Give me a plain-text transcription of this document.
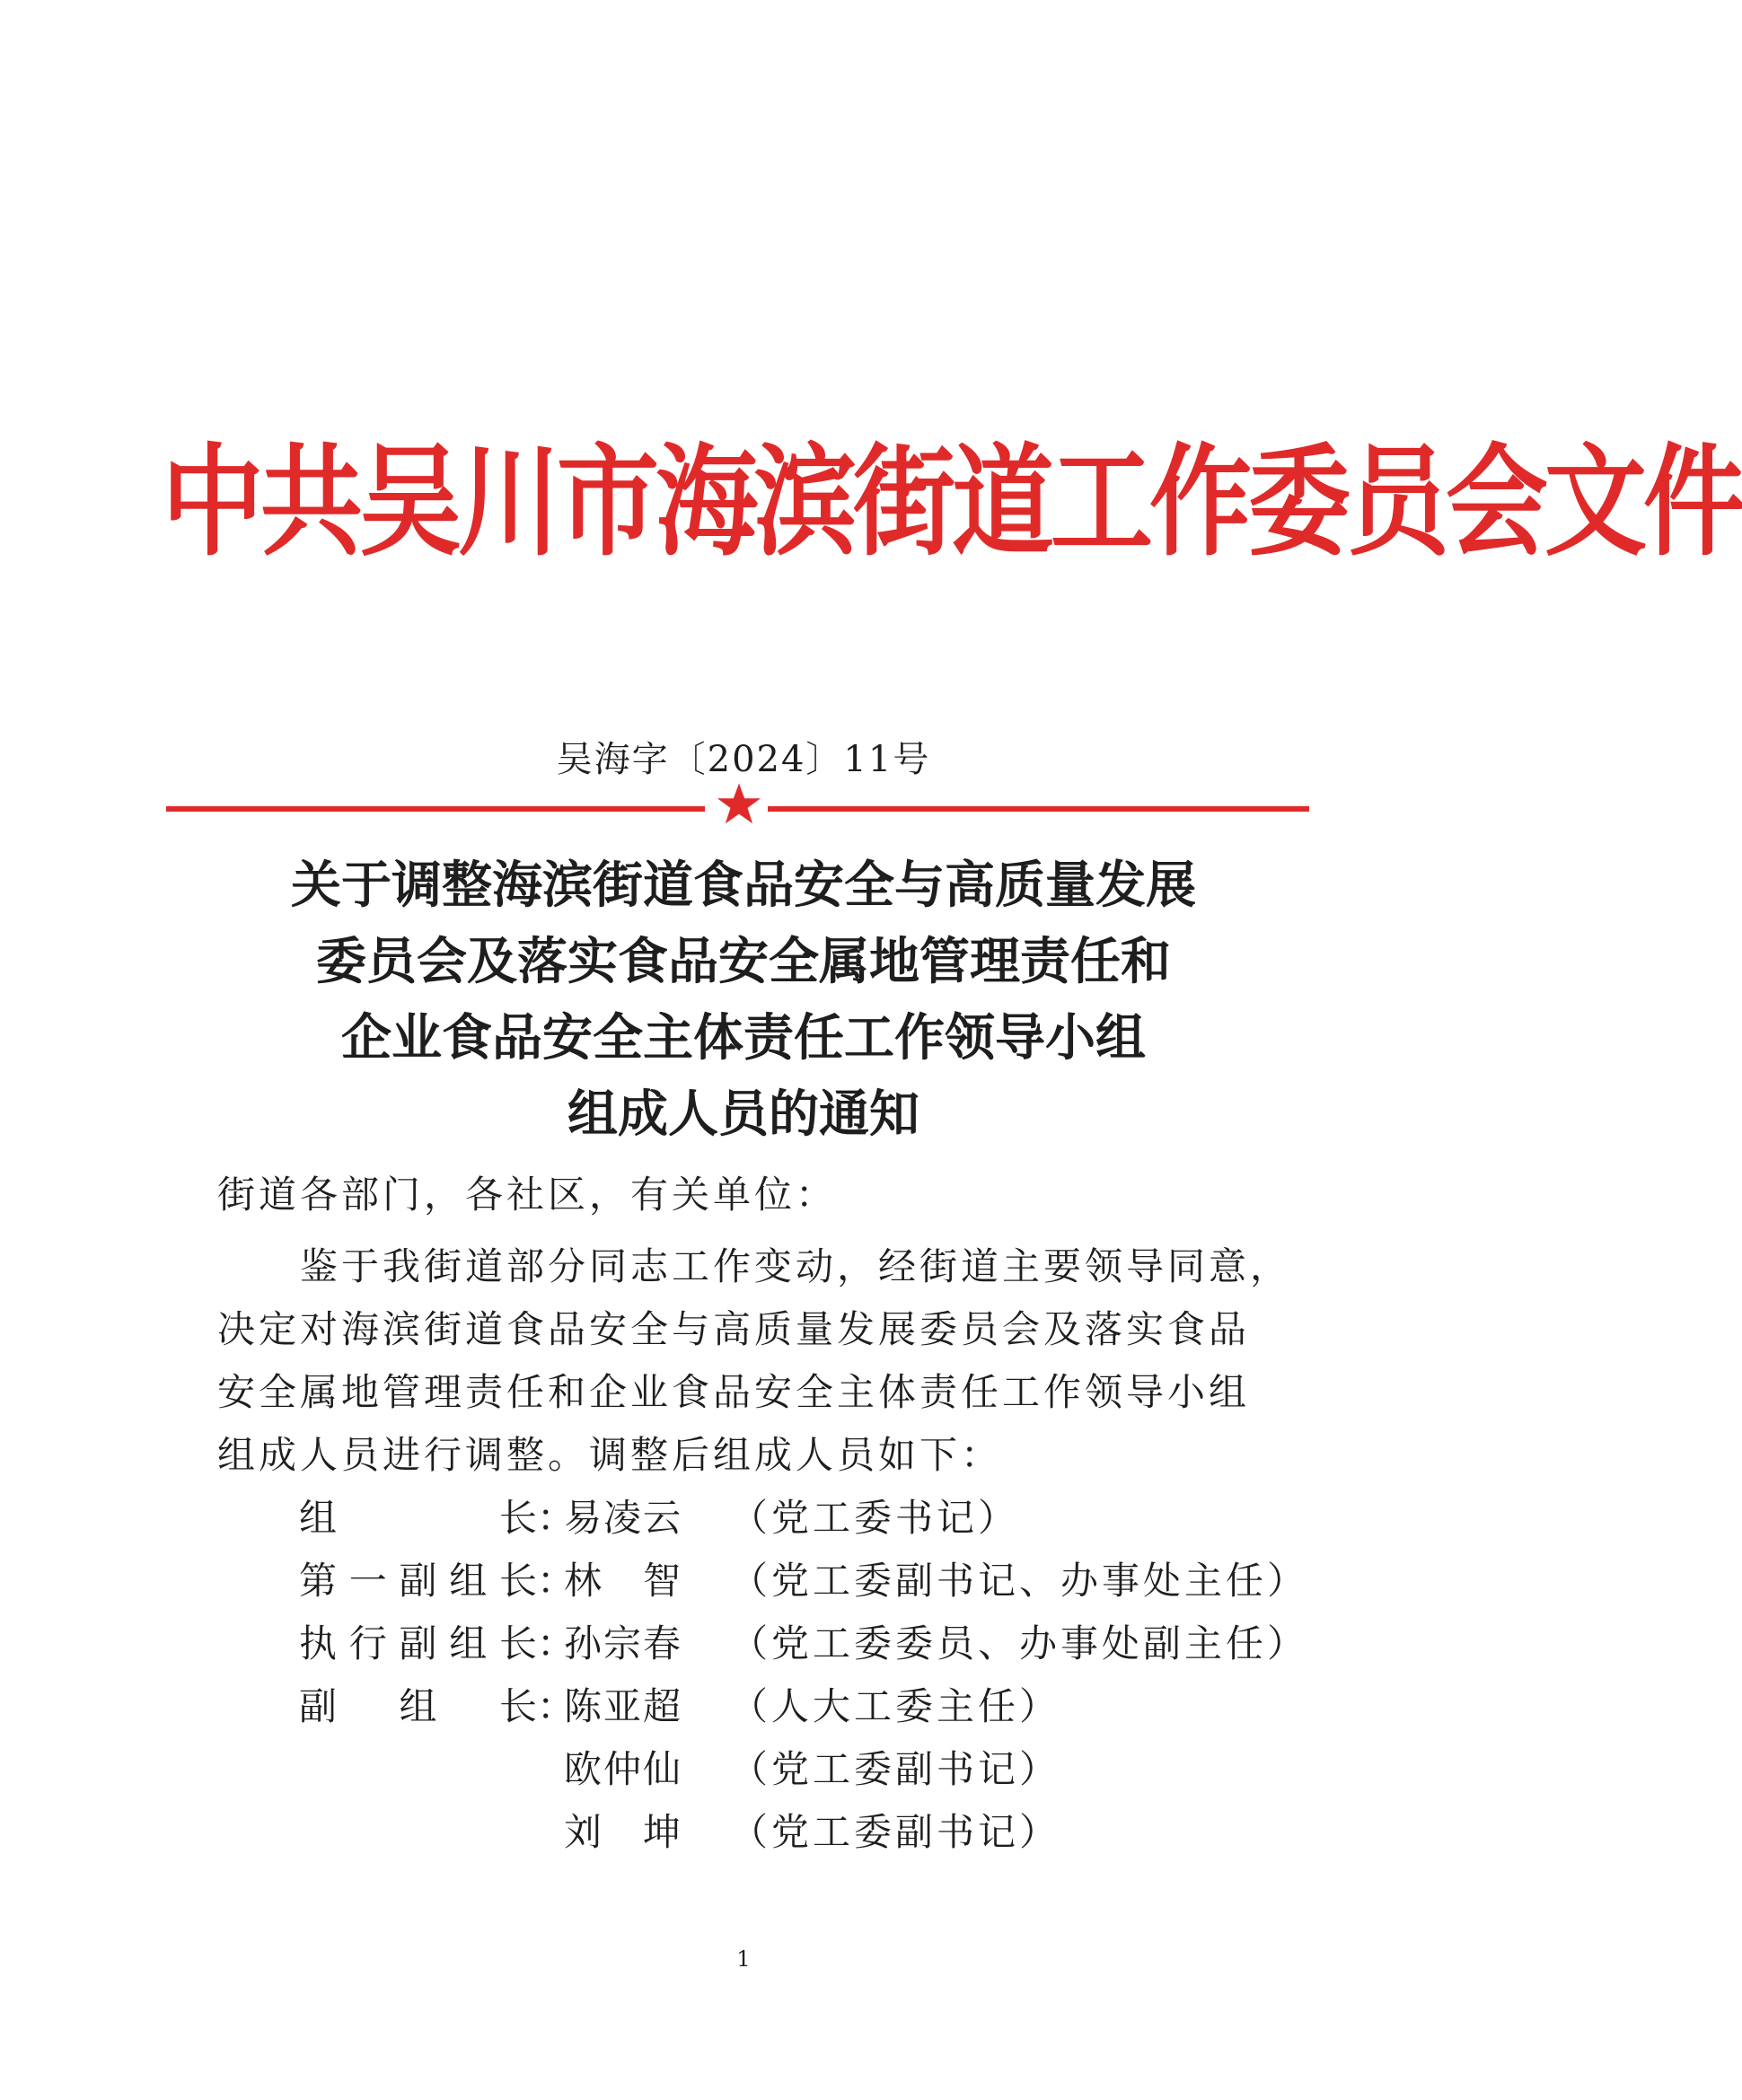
中共吴川市海滨街道工作委员会文件
吴海字〔2024〕11号
关于调整海滨街道食品安全与高质量发展
委员会及落实食品安全属地管理责任和
企业食品安全主体责任工作领导小组
组成人员的通知
街道各部门，各社区，有关单位：
　　鉴于我街道部分同志工作变动，经街道主要领导同意，
决定对海滨街道食品安全与高质量发展委员会及落实食品
安全属地管理责任和企业食品安全主体责任工作领导小组
组成人员进行调整。调整后组成人员如下：
组长 ：
易凌云 （党工委书记）
第一副组长 ：
林智 （党工委副书记、办事处主任）
执行副组长 ：
孙宗春 （党工委委员、办事处副主任）
副组长 ：
陈亚超 （人大工委主任）
欧仲仙 （党工委副书记）
刘坤 （党工委副书记）
1
